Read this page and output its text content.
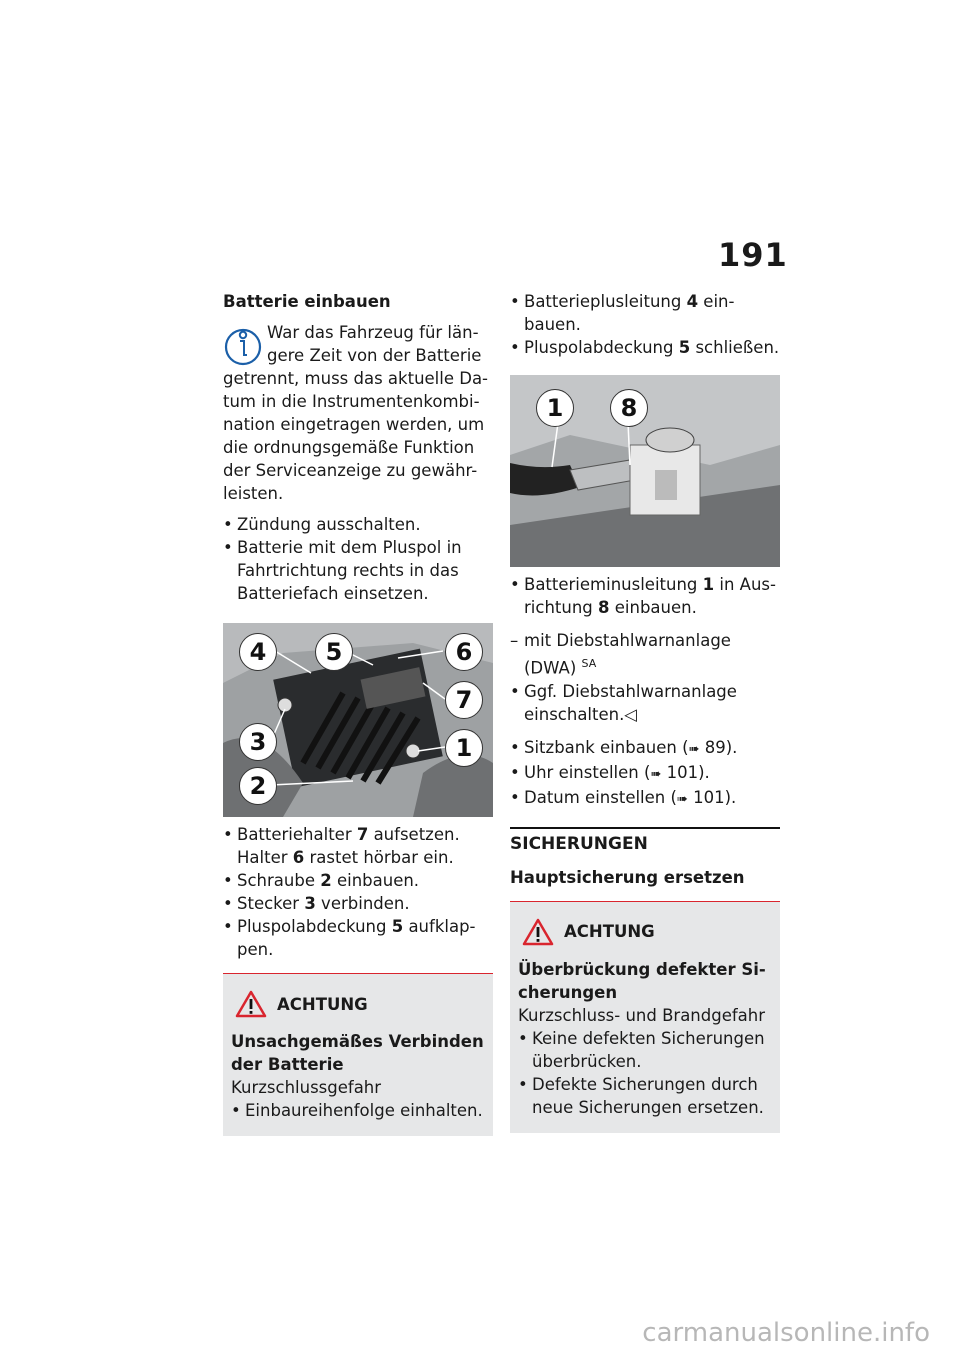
191
Batterie einbauen
War das Fahrzeug für län-
gere Zeit von der Batterie

getrennt, muss das aktuelle Da-tum in die Instrumentenkombi-nation eingetragen werden, um die ordnungsgemäße Funktion der Serviceanzeige zu gewähr-leisten.

• Zündung ausschalten.
• Batterie mit dem Pluspol in Fahrtrichtung rechts in das Batteriefach einsetzen.
4	5	6
7
3	1
2
• Batteriehalter 7 aufsetzen.
Halter 6 rastet hörbar ein.
• Schraube 2 einbauen.
• Stecker 3 verbinden.
• Pluspolabdeckung 5 aufklap-pen.
ACHTUNG
Unsachgemäßes Verbinden der Batterie
Kurzschlussgefahr
• Einbaureihenfolge einhalten.
• Batterieplusleitung 4 ein-bauen.
• Pluspolabdeckung 5 schließen.
1	8
• Batterieminusleitung 1 in Aus-richtung 8 einbauen.
– mit Diebstahlwarnanlage (DWA) $^{SA}$
• Ggf. Diebstahlwarnanlage einschalten.◁
• Sitzbank einbauen (➠ 89).
• Uhr einstellen (➠ 101).
• Datum einstellen (➠ 101).
SICHERUNGEN
Hauptsicherung ersetzen
ACHTUNG
Überbrückung defekter Si-cherungen
Kurzschluss- und Brandgefahr
• Keine defekten Sicherungen überbrücken.
• Defekte Sicherungen durch neue Sicherungen ersetzen.
carmanualsonline.info
